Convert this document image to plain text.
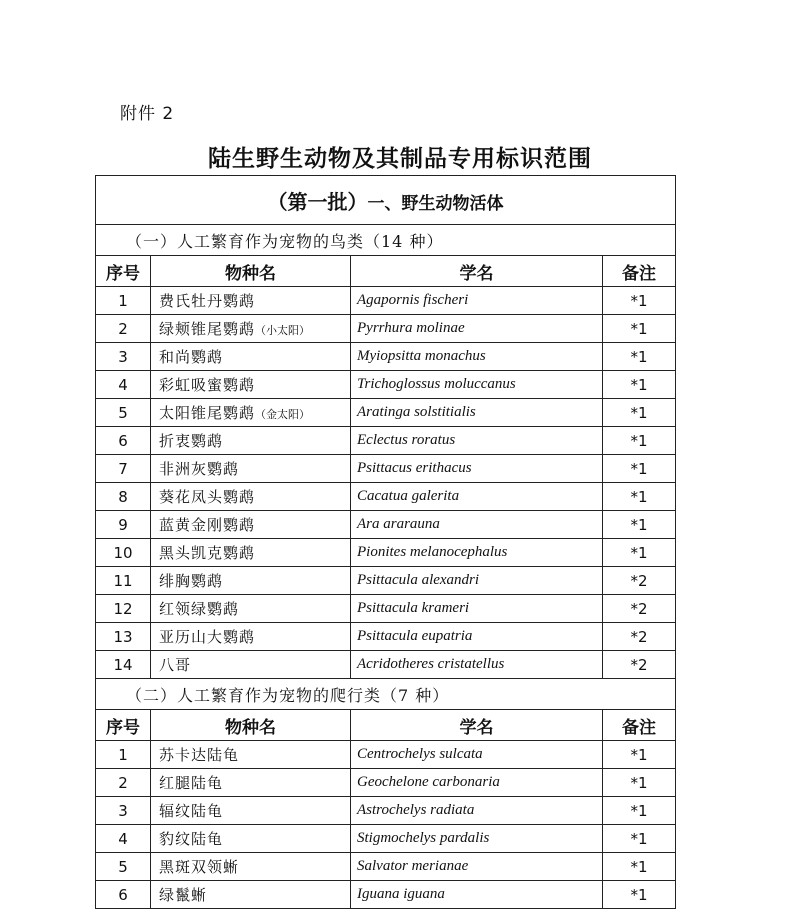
附件 2
陆生野生动物及其制品专用标识范围
（第一批）一、野生动物活体			
（一）人工繁育作为宠物的鸟类（14 种）			
序号	物种名	学名	备注
1	费氏牡丹鹦鹉	Agapornis fischeri	*1
2	绿颊锥尾鹦鹉（小太阳）	Pyrrhura molinae	*1
3	和尚鹦鹉	Myiopsitta monachus	*1
4	彩虹吸蜜鹦鹉	Trichoglossus moluccanus	*1
5	太阳锥尾鹦鹉（金太阳）	Aratinga solstitialis	*1
6	折衷鹦鹉	Eclectus roratus	*1
7	非洲灰鹦鹉	Psittacus erithacus	*1
8	葵花凤头鹦鹉	Cacatua galerita	*1
9	蓝黄金刚鹦鹉	Ara ararauna	*1
10	黑头凯克鹦鹉	Pionites melanocephalus	*1
11	绯胸鹦鹉	Psittacula alexandri	*2
12	红领绿鹦鹉	Psittacula krameri	*2
13	亚历山大鹦鹉	Psittacula eupatria	*2
14	八哥	Acridotheres cristatellus	*2
（二）人工繁育作为宠物的爬行类（7 种）			
序号	物种名	学名	备注
1	苏卡达陆龟	Centrochelys sulcata	*1
2	红腿陆龟	Geochelone carbonaria	*1
3	辐纹陆龟	Astrochelys radiata	*1
4	豹纹陆龟	Stigmochelys pardalis	*1
5	黑斑双领蜥	Salvator merianae	*1
6	绿鬣蜥	Iguana iguana	*1
